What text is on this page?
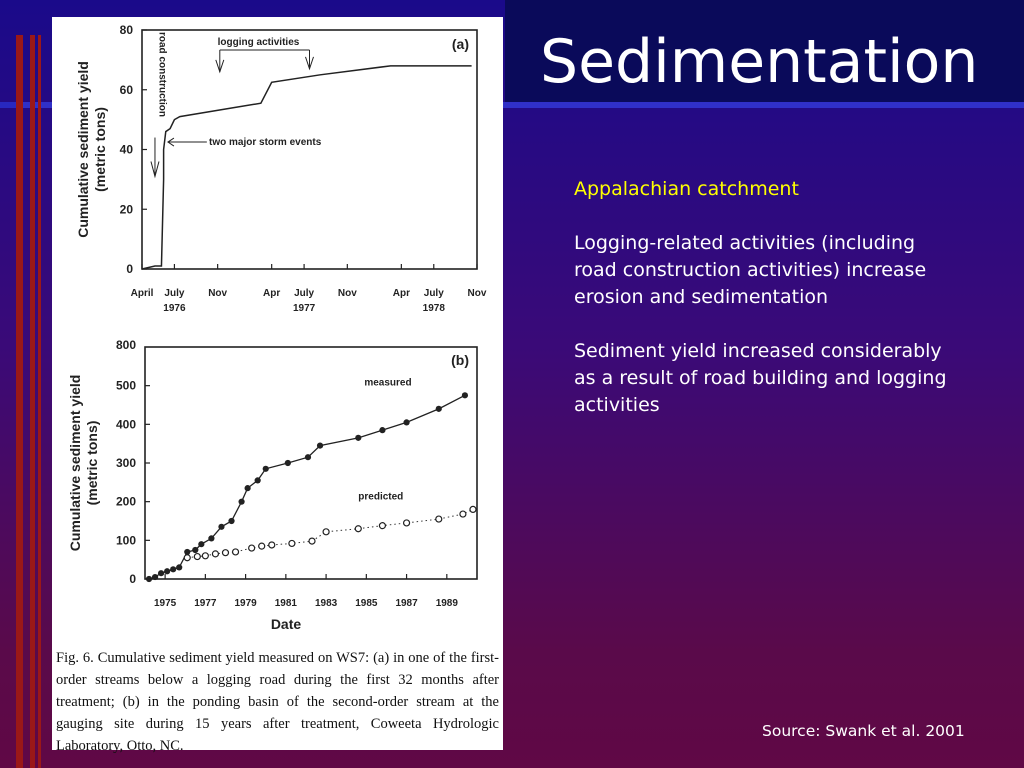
Sedimentation
0
20
40
60
80
April July Nov	Apr July Nov	Apr July Nov
1976	1977	1978
Cumulative sediment yield(metric tons)
(a)
road construction	logging activities
two major storm events
0
100
200
300
400
500
800
1975 1977 1979 1981 1983 1985 1987 1989
Date
Cumulative sediment yield(metric tons)
(b)
measured
predicted
Fig. 6. Cumulative sediment yield measured on WS7: (a) in one of the first-order streams below a logging road during the first 32 months after treatment; (b) in the ponding basin of the second-order stream at the gauging site during 15 years after treatment, Coweeta Hydrologic Laboratory, Otto, NC.
Appalachian catchment
Logging-related activities (including road construction activities) increase erosion and sedimentation
Sediment yield increased considerably as a result of road building and logging activities
Source: Swank et al. 2001
